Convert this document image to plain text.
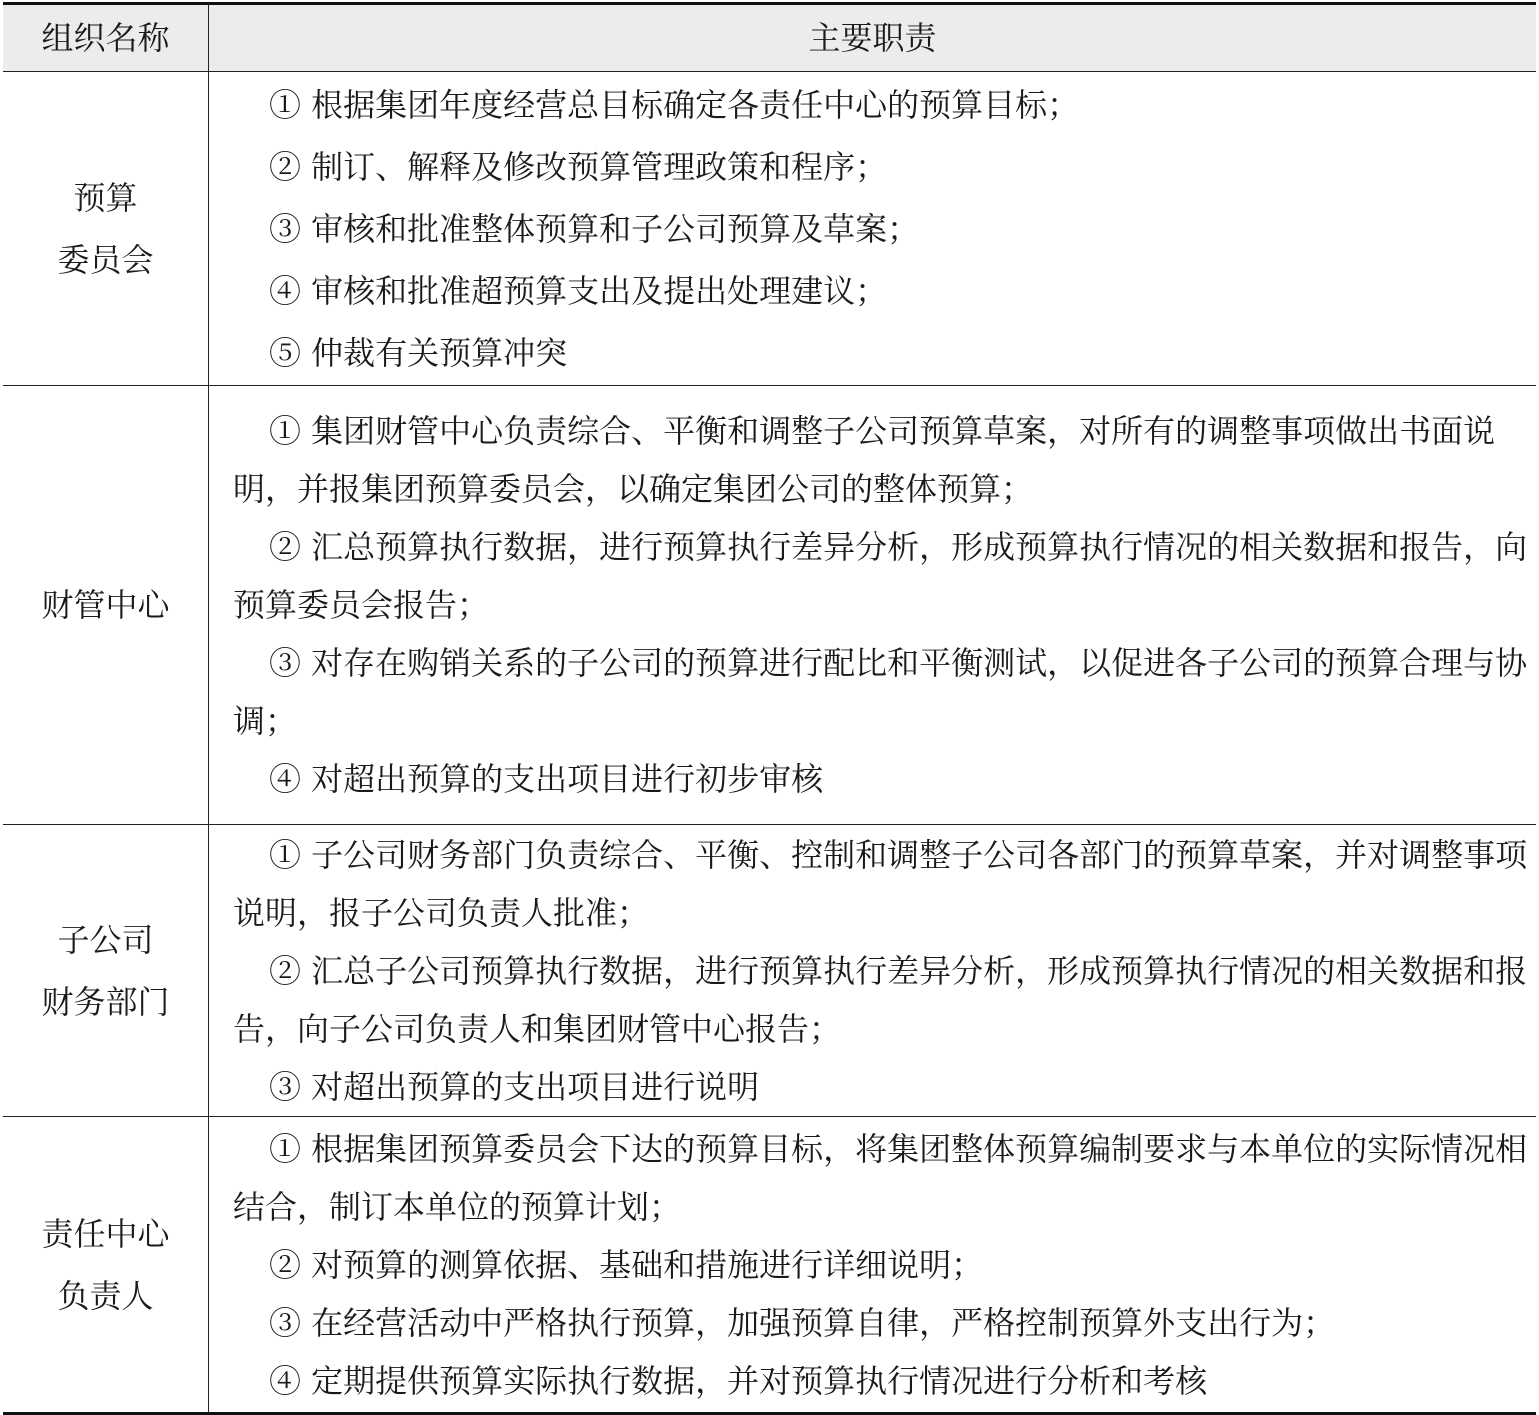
组织名称	主要职责
预算
委员会
① 根据集团年度经营总目标确定各责任中心的预算目标；
② 制订、解释及修改预算管理政策和程序；
③ 审核和批准整体预算和子公司预算及草案；
④ 审核和批准超预算支出及提出处理建议；
⑤ 仲裁有关预算冲突
财管中心
① 集团财管中心负责综合、平衡和调整子公司预算草案，对所有的调整事项做出书面说明，并报集团预算委员会，以确定集团公司的整体预算；
② 汇总预算执行数据，进行预算执行差异分析，形成预算执行情况的相关数据和报告，向预算委员会报告；
③ 对存在购销关系的子公司的预算进行配比和平衡测试，以促进各子公司的预算合理与协调；
④ 对超出预算的支出项目进行初步审核
子公司
财务部门
① 子公司财务部门负责综合、平衡、控制和调整子公司各部门的预算草案，并对调整事项说明，报子公司负责人批准；
② 汇总子公司预算执行数据，进行预算执行差异分析，形成预算执行情况的相关数据和报告，向子公司负责人和集团财管中心报告；
③ 对超出预算的支出项目进行说明
责任中心
负责人
① 根据集团预算委员会下达的预算目标，将集团整体预算编制要求与本单位的实际情况相结合，制订本单位的预算计划；
② 对预算的测算依据、基础和措施进行详细说明；
③ 在经营活动中严格执行预算，加强预算自律，严格控制预算外支出行为；
④ 定期提供预算实际执行数据，并对预算执行情况进行分析和考核
